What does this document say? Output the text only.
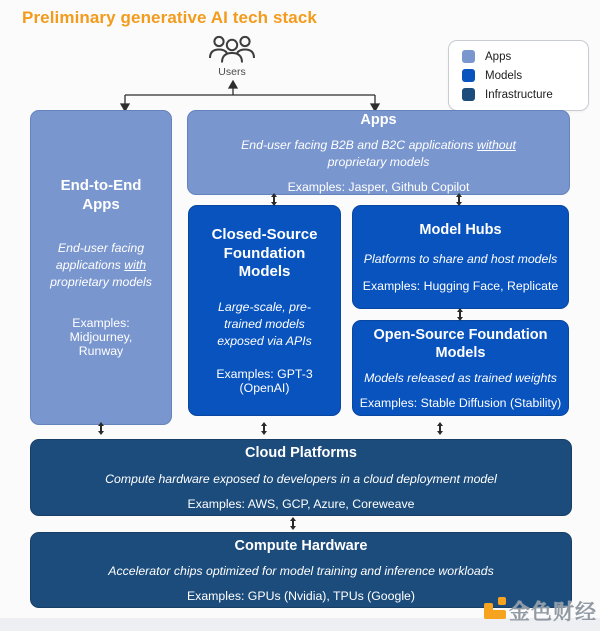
Preliminary generative AI tech stack
Users
Apps
Models
Infrastructure
End-to-End Apps

End-user facing applications with proprietary models

Examples: Midjourney, Runway
Apps

End-user facing B2B and B2C applications without proprietary models

Examples: Jasper, Github Copilot
Closed-Source Foundation Models

Large-scale, pre-trained models exposed via APIs

Examples: GPT-3 (OpenAI)
Model Hubs

Platforms to share and host models

Examples: Hugging Face, Replicate
Open-Source Foundation Models

Models released as trained weights

Examples: Stable Diffusion (Stability)
Cloud Platforms

Compute hardware exposed to developers in a cloud deployment model

Examples: AWS, GCP, Azure, Coreweave
Compute Hardware

Accelerator chips optimized for model training and inference workloads

Examples: GPUs (Nvidia), TPUs (Google)
金色财经
